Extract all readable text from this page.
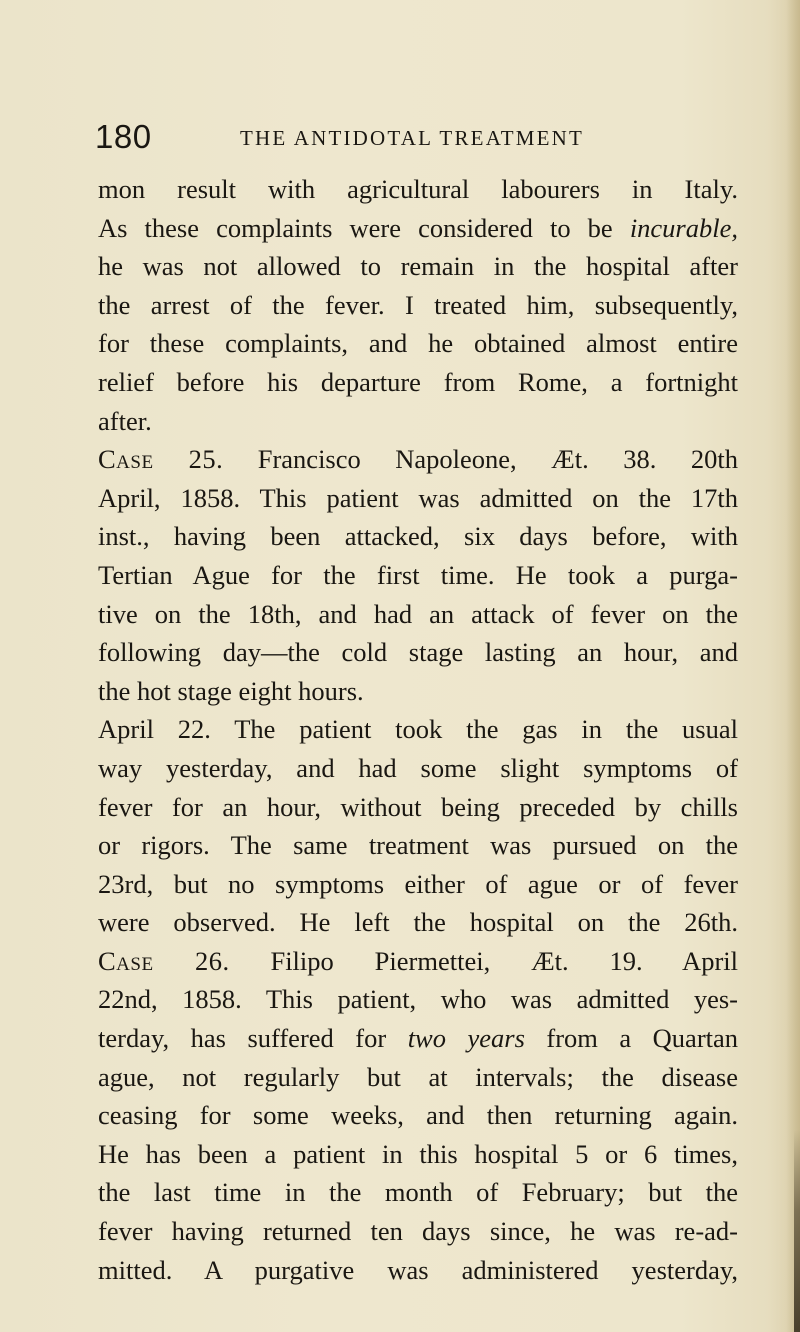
180	THE ANTIDOTAL TREATMENT
mon result with agricultural labourers in Italy.
As these complaints were considered to be incurable,
he was not allowed to remain in the hospital after
the arrest of the fever. I treated him, subsequently,
for these complaints, and he obtained almost entire
relief before his departure from Rome, a fortnight
after.
Case 25. Francisco Napoleone, Æt. 38. 20th
April, 1858. This patient was admitted on the 17th
inst., having been attacked, six days before, with
Tertian Ague for the first time. He took a purga-
tive on the 18th, and had an attack of fever on the
following day—the cold stage lasting an hour, and
the hot stage eight hours.
April 22. The patient took the gas in the usual
way yesterday, and had some slight symptoms of
fever for an hour, without being preceded by chills
or rigors. The same treatment was pursued on the
23rd, but no symptoms either of ague or of fever
were observed. He left the hospital on the 26th.
Case 26. Filipo Piermettei, Æt. 19. April
22nd, 1858. This patient, who was admitted yes-
terday, has suffered for two years from a Quartan
ague, not regularly but at intervals; the disease
ceasing for some weeks, and then returning again.
He has been a patient in this hospital 5 or 6 times,
the last time in the month of February; but the
fever having returned ten days since, he was re-ad-
mitted. A purgative was administered yesterday,
